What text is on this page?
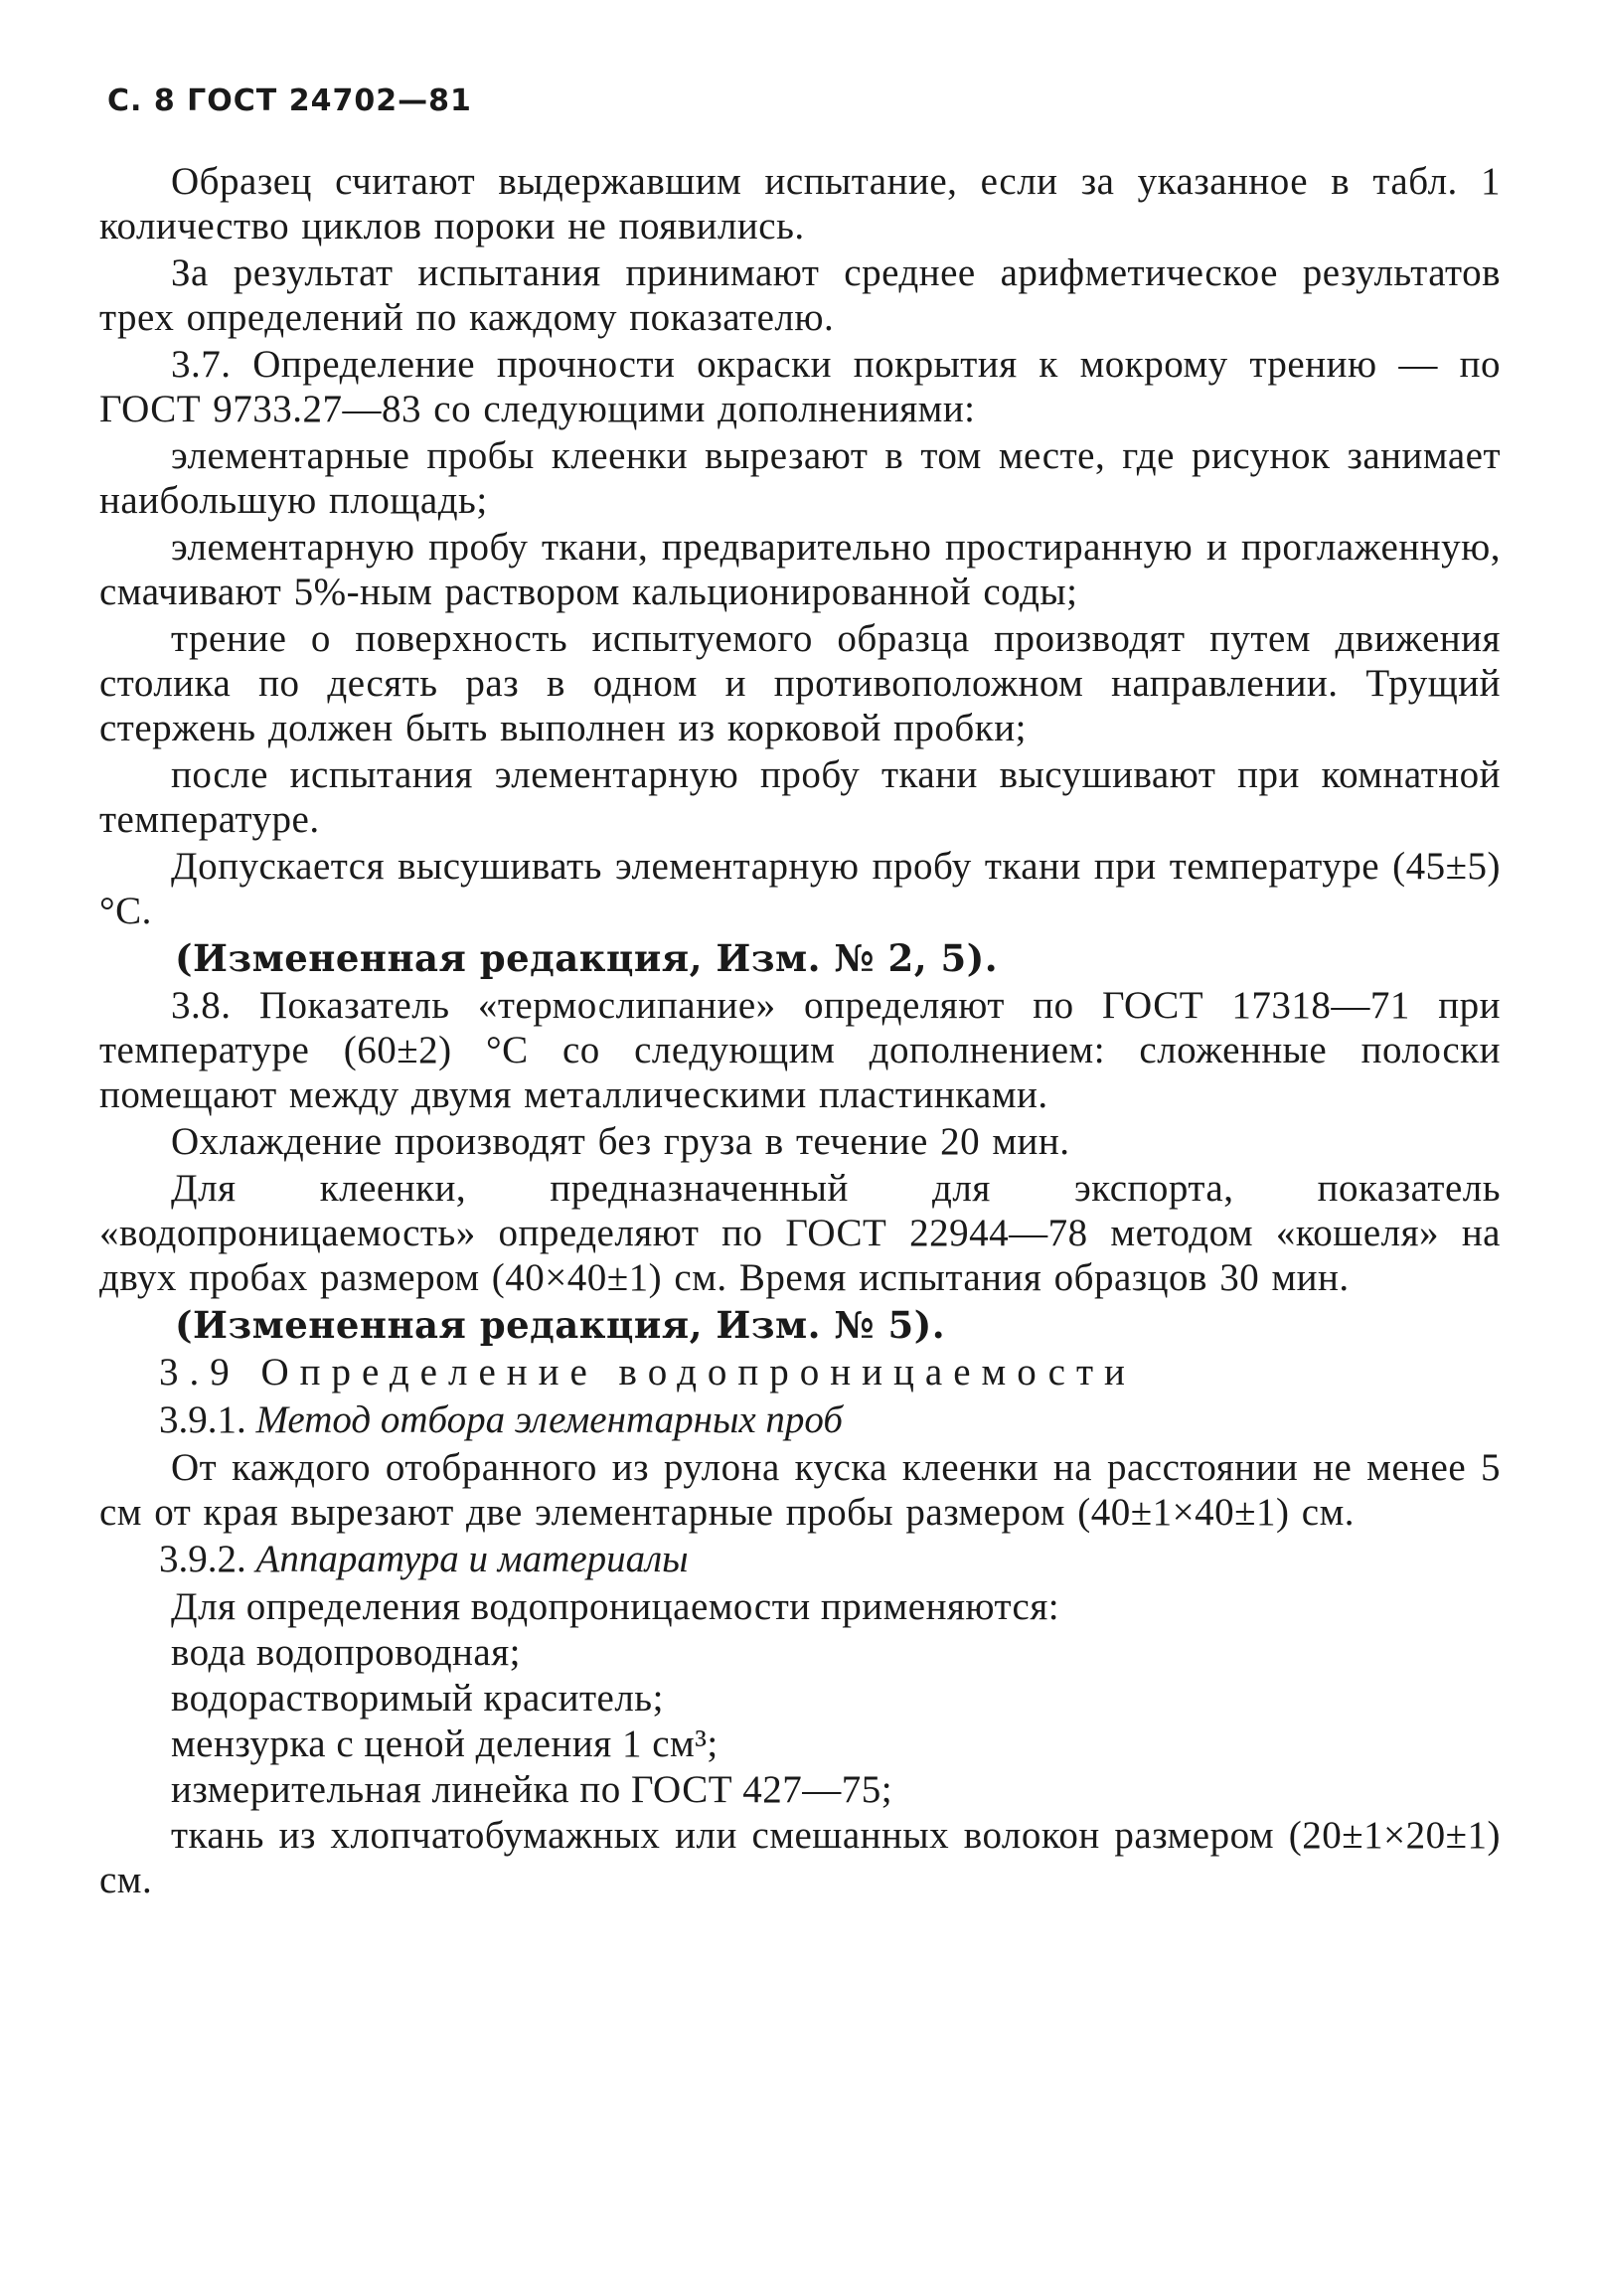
С. 8 ГОСТ 24702—81

Образец считают выдержавшим испытание, если за указанное в табл. 1 количество циклов пороки не появились.

За результат испытания принимают среднее арифметическое результатов трех определений по каждому показателю.

3.7. Определение прочности окраски покрытия к мокрому трению — по ГОСТ 9733.27—83 со следующими дополнениями:

элементарные пробы клеенки вырезают в том месте, где рисунок занимает наибольшую площадь;

элементарную пробу ткани, предварительно простиранную и проглаженную, смачивают 5%-ным раствором кальционированной соды;

трение о поверхность испытуемого образца производят путем движения столика по десять раз в одном и противоположном направлении. Трущий стержень должен быть выполнен из корковой пробки;

после испытания элементарную пробу ткани высушивают при комнатной температуре.

Допускается высушивать элементарную пробу ткани при температуре (45±5) °С.

(Измененная редакция, Изм. № 2, 5).

3.8. Показатель «термослипание» определяют по ГОСТ 17318—71 при температуре (60±2) °С со следующим дополнением: сложенные полоски помещают между двумя металлическими пластинками.

Охлаждение производят без груза в течение 20 мин.

Для клеенки, предназначенный для экспорта, показатель «водопроницаемость» определяют по ГОСТ 22944—78 методом «кошеля» на двух пробах размером (40×40±1) см. Время испытания образцов 30 мин.

(Измененная редакция, Изм. № 5).
3.9 Определение водопроницаемости
3.9.1. Метод отбора элементарных проб

От каждого отобранного из рулона куска клеенки на расстоянии не менее 5 см от края вырезают две элементарные пробы размером (40±1×40±1) см.

3.9.2. Аппаратура и материалы
Для определения водопроницаемости применяются:
вода водопроводная;
водорастворимый краситель;
мензурка с ценой деления 1 см³;
измерительная линейка по ГОСТ 427—75;

ткань из хлопчатобумажных или смешанных волокон размером (20±1×20±1) см.
